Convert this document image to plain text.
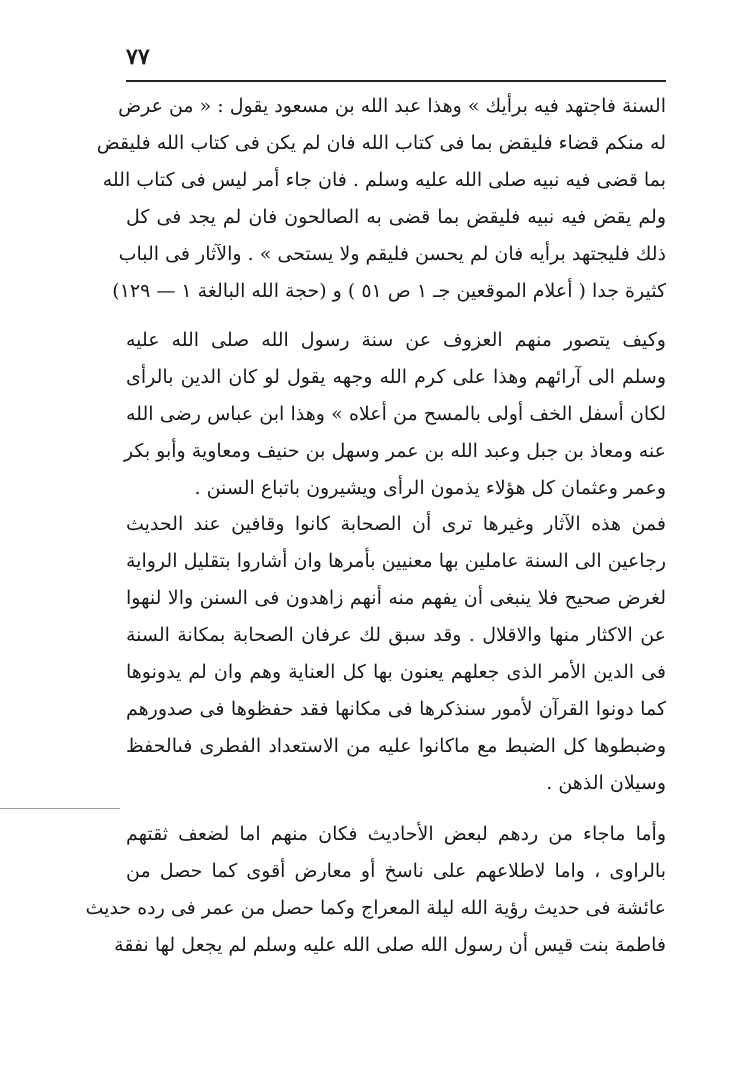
٧٧
السنة فاجتهد فيه برأيك » وهذا عبد الله بن مسعود يقول : « من عرض
له منكم قضاء فليقض بما فى كتاب الله فان لم يكن فى كتاب الله فليقض
بما قضى فيه نبيه صلى الله عليه وسلم . فان جاء أمر ليس فى كتاب الله
ولم يقض فيه نبيه فليقض بما قضى به الصالحون فان لم يجد فى كل
ذلك فليجتهد برأيه فان لم يحسن فليقم ولا يستحى » . والآثار فى الباب
كثيرة جدا ( أعلام الموقعين جـ ١ ص ٥١ ) و (حجة الله البالغة ١ — ١٢٩)
وكيف يتصور منهم العزوف عن سنة رسول الله صلى الله عليه
وسلم الى آرائهم وهذا على كرم الله وجهه يقول لو كان الدين بالرأى
لكان أسفل الخف أولى بالمسح من أعلاه » وهذا ابن عباس رضى الله
عنه ومعاذ بن جبل وعبد الله بن عمر وسهل بن حنيف ومعاوية وأبو بكر
وعمر وعثمان كل هؤلاء يذمون الرأى ويشيرون باتباع السنن .
فمن هذه الآثار وغيرها ترى أن الصحابة كانوا وقافين عند الحديث
رجاعين الى السنة عاملين بها معنيين بأمرها وان أشاروا بتقليل الرواية
لغرض صحيح فلا ينبغى أن يفهم منه أنهم زاهدون فى السنن والا لنهوا
عن الاكثار منها والاقلال . وقد سبق لك عرفان الصحابة بمكانة السنة
فى الدين الأمر الذى جعلهم يعنون بها كل العناية وهم وان لم يدونوها
كما دونوا القرآن لأمور سنذكرها فى مكانها فقد حفظوها فى صدورهم
وضبطوها كل الضبط مع ماكانوا عليه من الاستعداد الفطرى فىالحفظ
وسيلان الذهن .
وأما ماجاء من ردهم لبعض الأحاديث فكان منهم اما لضعف ثقتهم
بالراوى ، واما لاطلاعهم على ناسخ أو معارض أقوى كما حصل من
عائشة فى حديث رؤية الله ليلة المعراج وكما حصل من عمر فى رده حديث
فاطمة بنت قيس أن رسول الله صلى الله عليه وسلم لم يجعل لها نفقة
